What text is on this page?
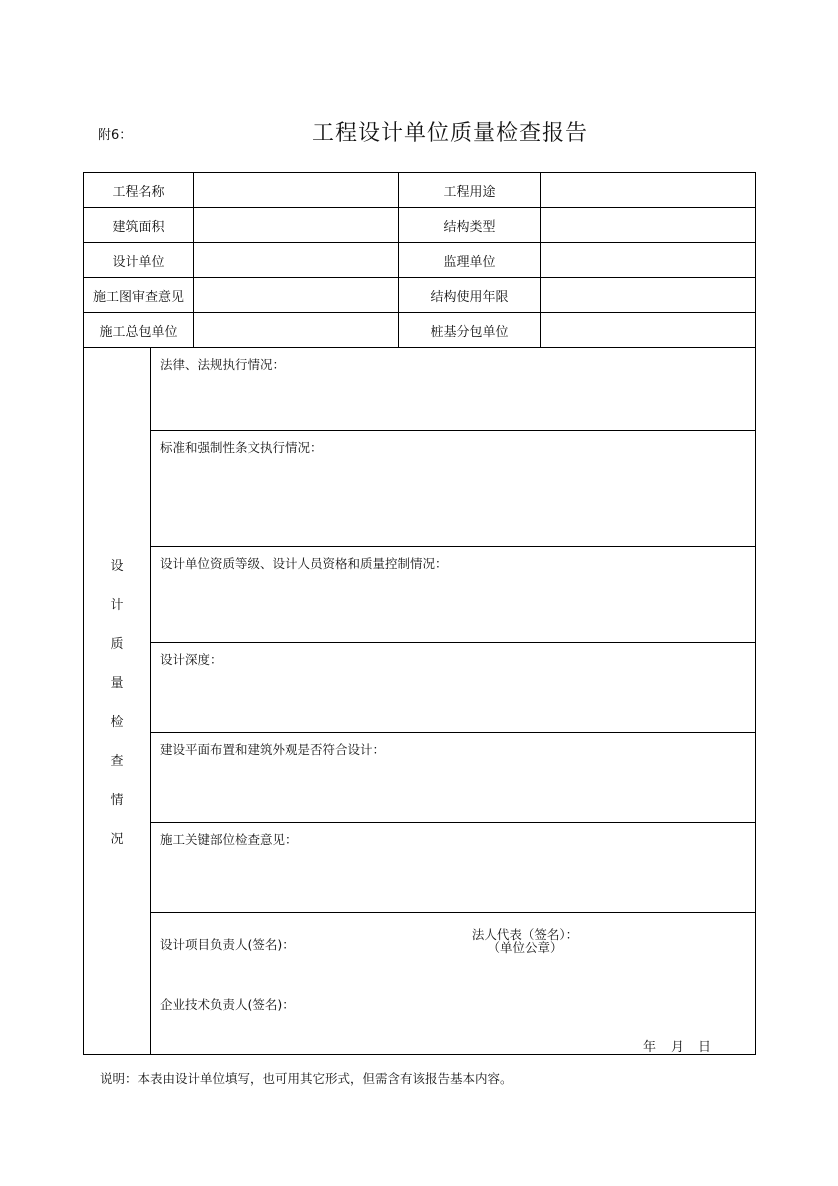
附6：	工程设计单位质量检查报告
工程名称	工程用途
建筑面积	结构类型
设计单位	监理单位
施工图审查意见	结构使用年限
施工总包单位	桩基分包单位
设
计
质
量
检
查
情
况
法律、法规执行情况：
标准和强制性条文执行情况：
设计单位资质等级、设计人员资格和质量控制情况：
设计深度：
建设平面布置和建筑外观是否符合设计：
施工关键部位检查意见：
设计项目负责人(签名)：
法人代表（签名）：
（单位公章）
企业技术负责人(签名)：
年 月 日
说明：本表由设计单位填写，也可用其它形式，但需含有该报告基本内容。
